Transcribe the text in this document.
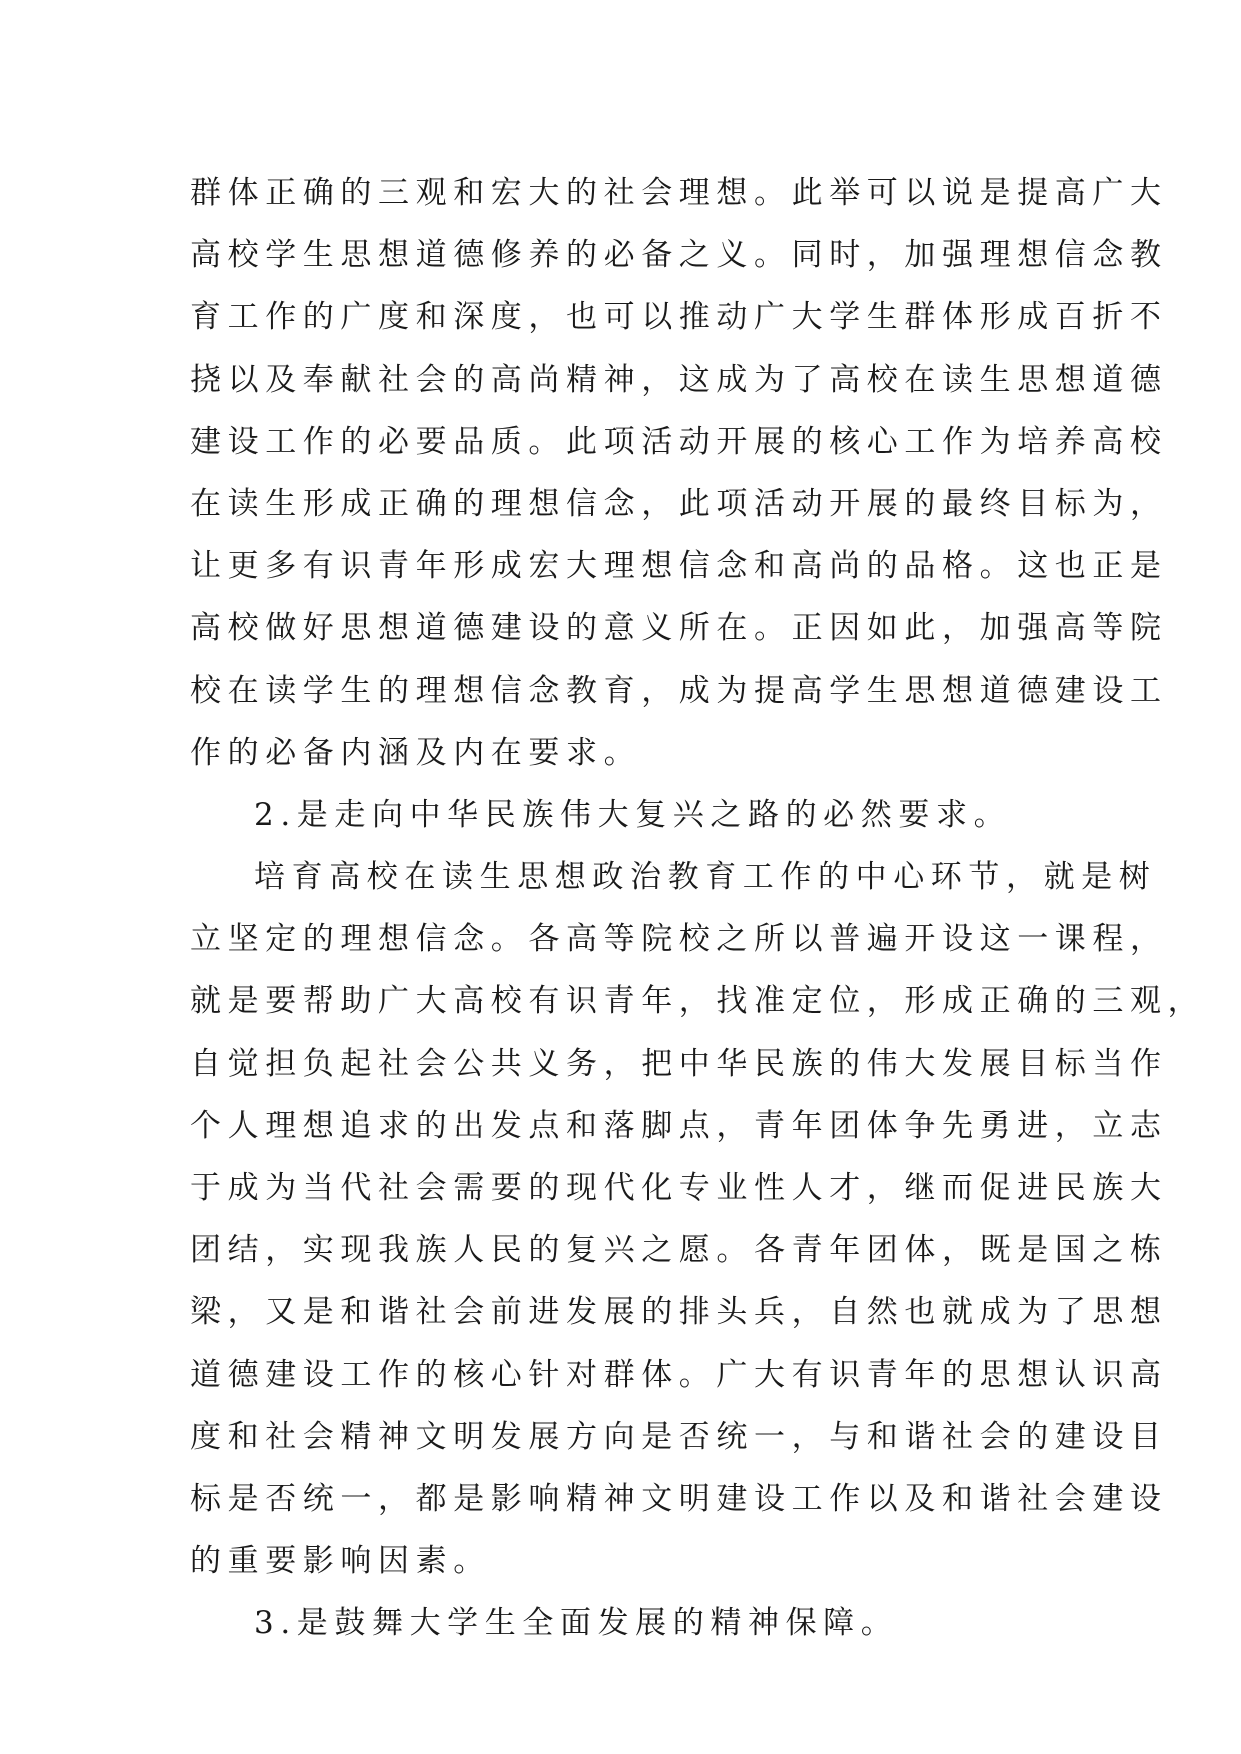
群体正确的三观和宏大的社会理想。此举可以说是提高广大
高校学生思想道德修养的必备之义。同时，加强理想信念教
育工作的广度和深度，也可以推动广大学生群体形成百折不
挠以及奉献社会的高尚精神，这成为了高校在读生思想道德
建设工作的必要品质。此项活动开展的核心工作为培养高校
在读生形成正确的理想信念，此项活动开展的最终目标为，
让更多有识青年形成宏大理想信念和高尚的品格。这也正是
高校做好思想道德建设的意义所在。正因如此，加强高等院
校在读学生的理想信念教育，成为提高学生思想道德建设工
作的必备内涵及内在要求。
2.是走向中华民族伟大复兴之路的必然要求。
培育高校在读生思想政治教育工作的中心环节，就是树
立坚定的理想信念。各高等院校之所以普遍开设这一课程，
就是要帮助广大高校有识青年，找准定位，形成正确的三观，
自觉担负起社会公共义务，把中华民族的伟大发展目标当作
个人理想追求的出发点和落脚点，青年团体争先勇进，立志
于成为当代社会需要的现代化专业性人才，继而促进民族大
团结，实现我族人民的复兴之愿。各青年团体，既是国之栋
梁，又是和谐社会前进发展的排头兵，自然也就成为了思想
道德建设工作的核心针对群体。广大有识青年的思想认识高
度和社会精神文明发展方向是否统一，与和谐社会的建设目
标是否统一，都是影响精神文明建设工作以及和谐社会建设
的重要影响因素。
3.是鼓舞大学生全面发展的精神保障。
